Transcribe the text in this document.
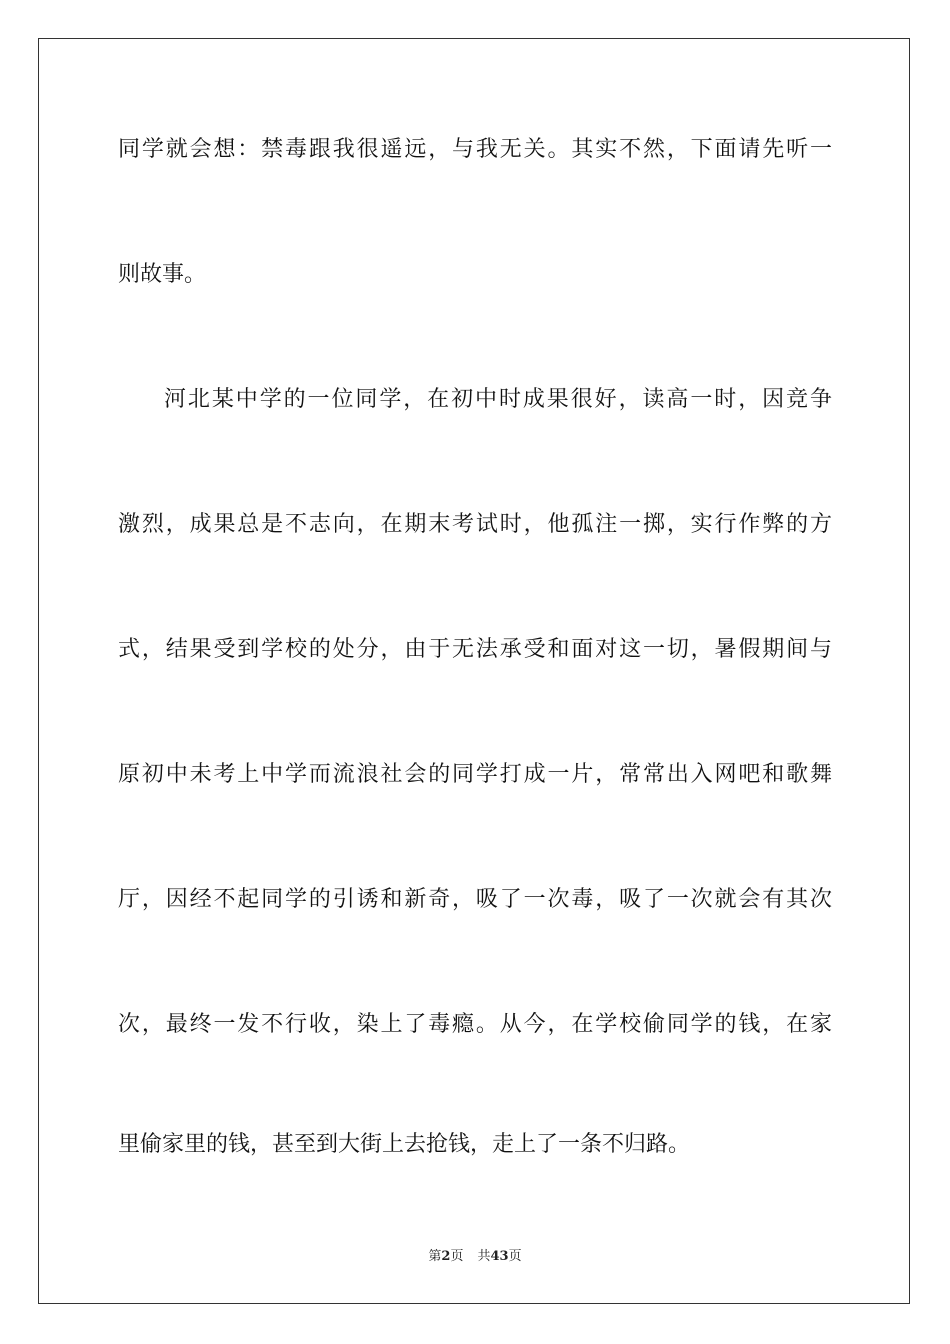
同学就会想：禁毒跟我很遥远，与我无关。其实不然，下面请先听一
则故事。
河北某中学的一位同学，在初中时成果很好，读高一时，因竞争
激烈，成果总是不志向，在期末考试时，他孤注一掷，实行作弊的方
式，结果受到学校的处分，由于无法承受和面对这一切，暑假期间与
原初中未考上中学而流浪社会的同学打成一片，常常出入网吧和歌舞
厅，因经不起同学的引诱和新奇，吸了一次毒，吸了一次就会有其次
次，最终一发不行收，染上了毒瘾。从今，在学校偷同学的钱，在家
里偷家里的钱，甚至到大街上去抢钱，走上了一条不归路。
第2页 共43页
